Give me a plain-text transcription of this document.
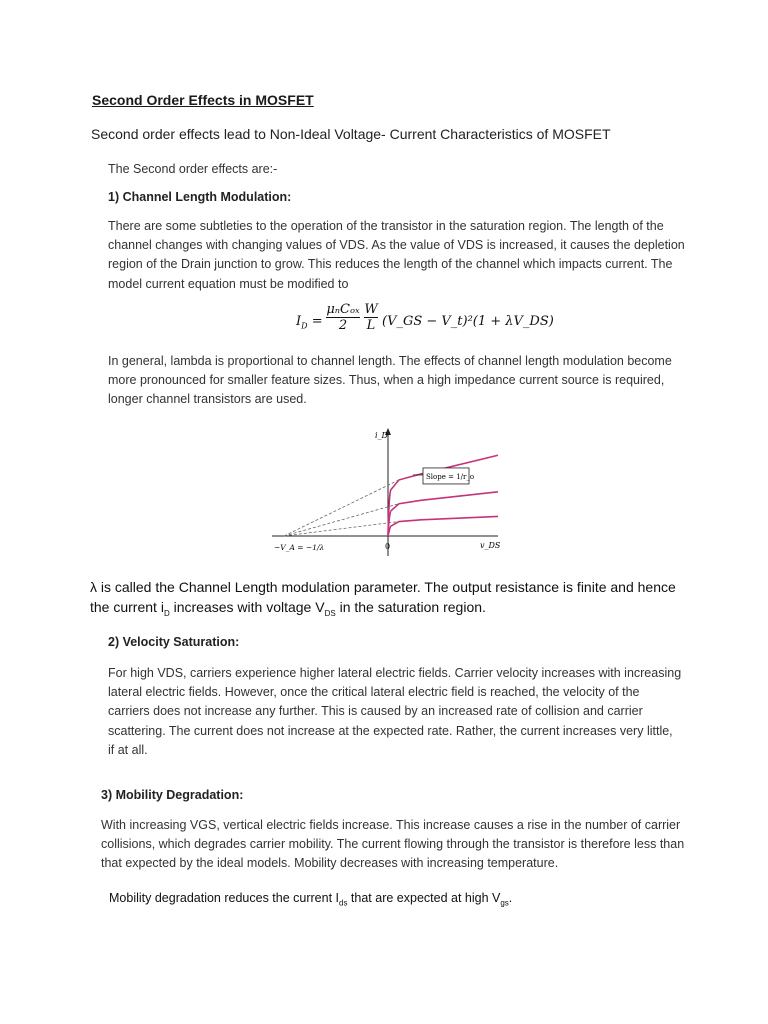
Second Order Effects in MOSFET
Second order effects lead to Non-Ideal Voltage- Current Characteristics of MOSFET
The Second order effects are:-
1) Channel Length Modulation:
There are some subtleties to the operation of the transistor in the saturation region. The length of the
channel changes with changing values of VDS. As the value of VDS is increased, it causes the depletion
region of the Drain junction to grow. This reduces the length of the channel which impacts current. The
model current equation must be modified to
$I_D$ =
μₙCₒₓ
2	$\frac{W}{L}$ (V_GS − V_t)²(1 + λV_DS)
In general, lambda is proportional to channel length. The effects of channel length modulation become
more pronounced for smaller feature sizes. Thus, when a high impedance current source is required,
longer channel transistors are used.
i_D
v_DS
0
−V_A = −1/λ
Slope = 1/r_o
λ is called the Channel Length modulation parameter. The output resistance is finite and hence
the current $i_D$ increases with voltage $V_{DS}$ in the saturation region.
2) Velocity Saturation:
For high VDS, carriers experience higher lateral electric fields. Carrier velocity increases with increasing
lateral electric fields. However, once the critical lateral electric field is reached, the velocity of the
carriers does not increase any further. This is caused by an increased rate of collision and carrier
scattering. The current does not increase at the expected rate. Rather, the current increases very little,
if at all.
3) Mobility Degradation:
With increasing VGS, vertical electric fields increase. This increase causes a rise in the number of carrier
collisions, which degrades carrier mobility. The current flowing through the transistor is therefore less than
that expected by the ideal models. Mobility decreases with increasing temperature.
Mobility degradation reduces the current $I_{ds}$ that are expected at high $V_{gs}$.
